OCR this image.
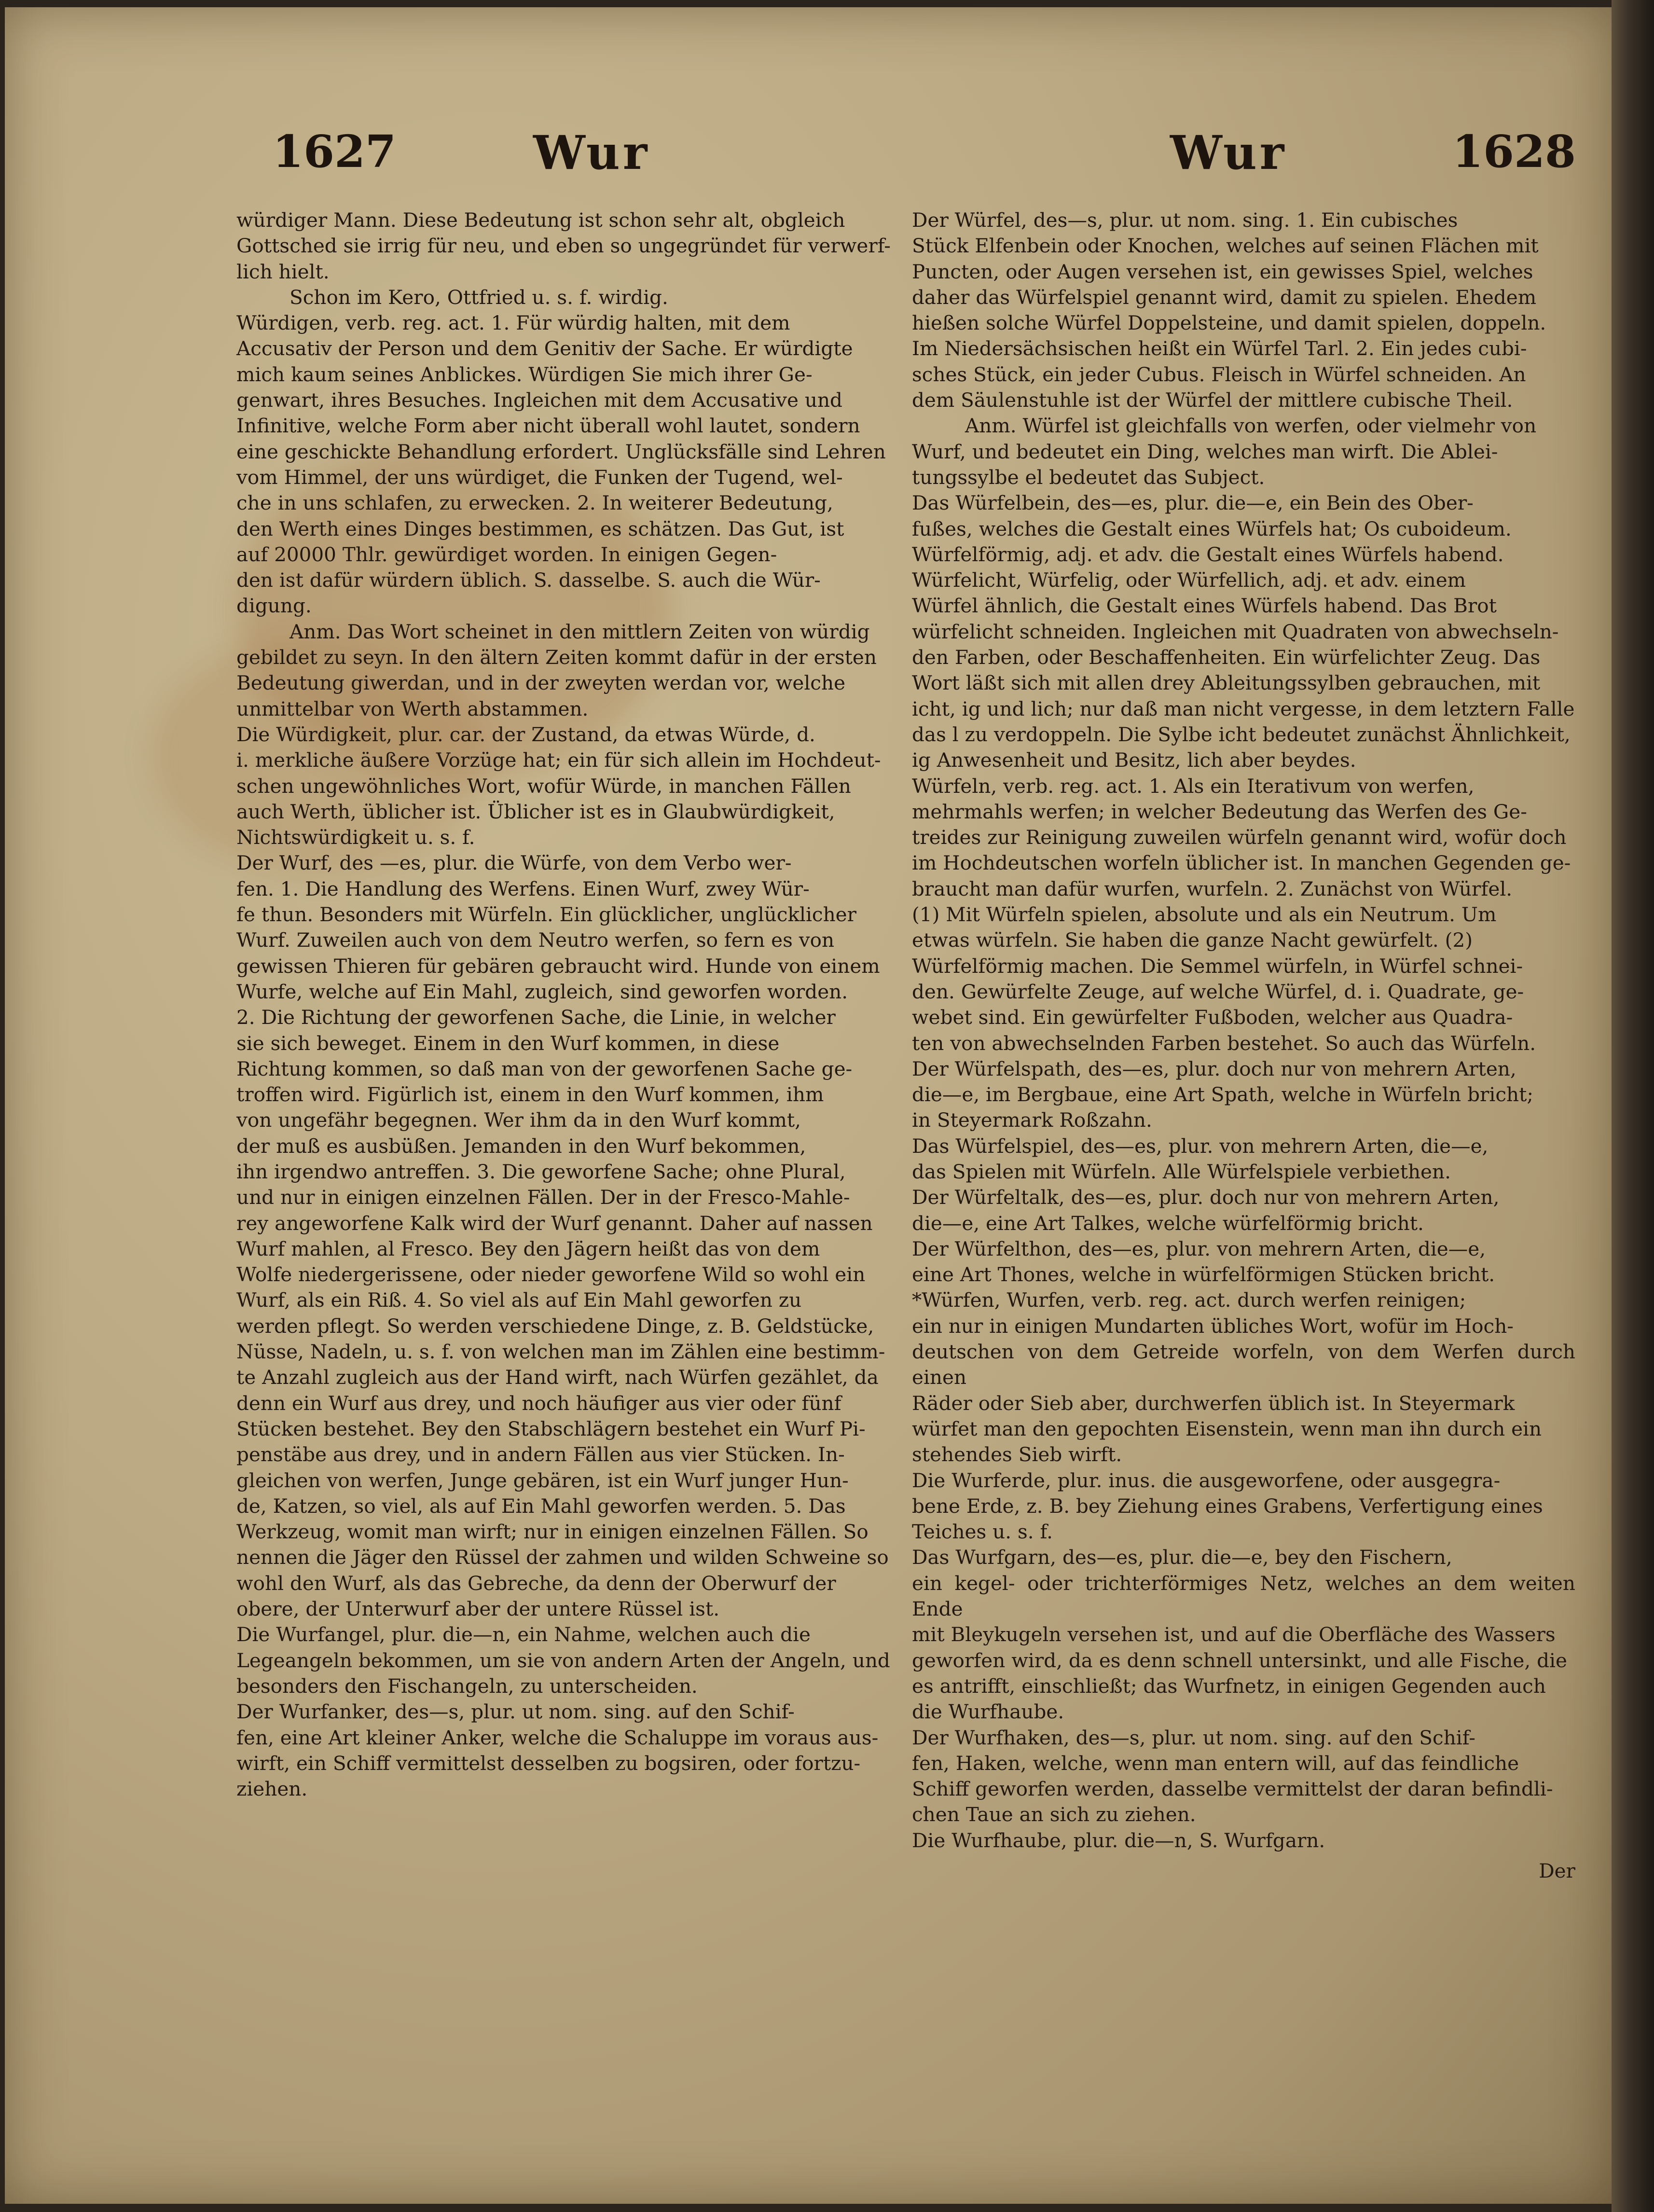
1627	Wur	Wur	1628

würdiger Mann. Diese Bedeutung ist schon sehr alt, obgleich
Gottsched sie irrig für neu, und eben so ungegründet für verwerf-
lich hielt.

Schon im Kero, Ottfried u. s. f. wirdig.

Würdigen, verb. reg. act. 1. Für würdig halten, mit dem
Accusativ der Person und dem Genitiv der Sache. Er würdigte
mich kaum seines Anblickes. Würdigen Sie mich ihrer Ge-
genwart, ihres Besuches. Ingleichen mit dem Accusative und
Infinitive, welche Form aber nicht überall wohl lautet, sondern
eine geschickte Behandlung erfordert. Unglücksfälle sind Lehren
vom Himmel, der uns würdiget, die Funken der Tugend, wel-
che in uns schlafen, zu erwecken. 2. In weiterer Bedeutung,
den Werth eines Dinges bestimmen, es schätzen. Das Gut, ist
auf 20000 Thlr. gewürdiget worden. In einigen Gegen-
den ist dafür würdern üblich. S. dasselbe. S. auch die Wür-
digung.

Anm. Das Wort scheinet in den mittlern Zeiten von würdig
gebildet zu seyn. In den ältern Zeiten kommt dafür in der ersten
Bedeutung giwerdan, und in der zweyten werdan vor, welche
unmittelbar von Werth abstammen.

Die Würdigkeit, plur. car. der Zustand, da etwas Würde, d.
i. merkliche äußere Vorzüge hat; ein für sich allein im Hochdeut-
schen ungewöhnliches Wort, wofür Würde, in manchen Fällen
auch Werth, üblicher ist. Üblicher ist es in Glaubwürdigkeit,
Nichtswürdigkeit u. s. f.

Der Wurf, des —es, plur. die Würfe, von dem Verbo wer-
fen. 1. Die Handlung des Werfens. Einen Wurf, zwey Wür-
fe thun. Besonders mit Würfeln. Ein glücklicher, unglücklicher
Wurf. Zuweilen auch von dem Neutro werfen, so fern es von
gewissen Thieren für gebären gebraucht wird. Hunde von einem
Wurfe, welche auf Ein Mahl, zugleich, sind geworfen worden.
2. Die Richtung der geworfenen Sache, die Linie, in welcher
sie sich beweget. Einem in den Wurf kommen, in diese
Richtung kommen, so daß man von der geworfenen Sache ge-
troffen wird. Figürlich ist, einem in den Wurf kommen, ihm
von ungefähr begegnen. Wer ihm da in den Wurf kommt,
der muß es ausbüßen. Jemanden in den Wurf bekommen,
ihn irgendwo antreffen. 3. Die geworfene Sache; ohne Plural,
und nur in einigen einzelnen Fällen. Der in der Fresco-Mahle-
rey angeworfene Kalk wird der Wurf genannt. Daher auf nassen
Wurf mahlen, al Fresco. Bey den Jägern heißt das von dem
Wolfe niedergerissene, oder nieder geworfene Wild so wohl ein
Wurf, als ein Riß. 4. So viel als auf Ein Mahl geworfen zu
werden pflegt. So werden verschiedene Dinge, z. B. Geldstücke,
Nüsse, Nadeln, u. s. f. von welchen man im Zählen eine bestimm-
te Anzahl zugleich aus der Hand wirft, nach Würfen gezählet, da
denn ein Wurf aus drey, und noch häufiger aus vier oder fünf
Stücken bestehet. Bey den Stabschlägern bestehet ein Wurf Pi-
penstäbe aus drey, und in andern Fällen aus vier Stücken. In-
gleichen von werfen, Junge gebären, ist ein Wurf junger Hun-
de, Katzen, so viel, als auf Ein Mahl geworfen werden. 5. Das
Werkzeug, womit man wirft; nur in einigen einzelnen Fällen. So
nennen die Jäger den Rüssel der zahmen und wilden Schweine so
wohl den Wurf, als das Gebreche, da denn der Oberwurf der
obere, der Unterwurf aber der untere Rüssel ist.

Die Wurfangel, plur. die—n, ein Nahme, welchen auch die
Legeangeln bekommen, um sie von andern Arten der Angeln, und
besonders den Fischangeln, zu unterscheiden.

Der Wurfanker, des—s, plur. ut nom. sing. auf den Schif-
fen, eine Art kleiner Anker, welche die Schaluppe im voraus aus-
wirft, ein Schiff vermittelst desselben zu bogsiren, oder fortzu-
ziehen.

Der Würfel, des—s, plur. ut nom. sing. 1. Ein cubisches
Stück Elfenbein oder Knochen, welches auf seinen Flächen mit
Puncten, oder Augen versehen ist, ein gewisses Spiel, welches
daher das Würfelspiel genannt wird, damit zu spielen. Ehedem
hießen solche Würfel Doppelsteine, und damit spielen, doppeln.
Im Niedersächsischen heißt ein Würfel Tarl. 2. Ein jedes cubi-
sches Stück, ein jeder Cubus. Fleisch in Würfel schneiden. An
dem Säulenstuhle ist der Würfel der mittlere cubische Theil.

Anm. Würfel ist gleichfalls von werfen, oder vielmehr von
Wurf, und bedeutet ein Ding, welches man wirft. Die Ablei-
tungssylbe el bedeutet das Subject.

Das Würfelbein, des—es, plur. die—e, ein Bein des Ober-
fußes, welches die Gestalt eines Würfels hat; Os cuboideum.

Würfelförmig, adj. et adv. die Gestalt eines Würfels habend.

Würfelicht, Würfelig, oder Würfellich, adj. et adv. einem
Würfel ähnlich, die Gestalt eines Würfels habend. Das Brot
würfelicht schneiden. Ingleichen mit Quadraten von abwechseln-
den Farben, oder Beschaffenheiten. Ein würfelichter Zeug. Das
Wort läßt sich mit allen drey Ableitungssylben gebrauchen, mit
icht, ig und lich; nur daß man nicht vergesse, in dem letztern Falle
das l zu verdoppeln. Die Sylbe icht bedeutet zunächst Ähnlichkeit,
ig Anwesenheit und Besitz, lich aber beydes.

Würfeln, verb. reg. act. 1. Als ein Iterativum von werfen,
mehrmahls werfen; in welcher Bedeutung das Werfen des Ge-
treides zur Reinigung zuweilen würfeln genannt wird, wofür doch
im Hochdeutschen worfeln üblicher ist. In manchen Gegenden ge-
braucht man dafür wurfen, wurfeln. 2. Zunächst von Würfel.
(1) Mit Würfeln spielen, absolute und als ein Neutrum. Um
etwas würfeln. Sie haben die ganze Nacht gewürfelt. (2)
Würfelförmig machen. Die Semmel würfeln, in Würfel schnei-
den. Gewürfelte Zeuge, auf welche Würfel, d. i. Quadrate, ge-
webet sind. Ein gewürfelter Fußboden, welcher aus Quadra-
ten von abwechselnden Farben bestehet. So auch das Würfeln.

Der Würfelspath, des—es, plur. doch nur von mehrern Arten,
die—e, im Bergbaue, eine Art Spath, welche in Würfeln bricht;
in Steyermark Roßzahn.

Das Würfelspiel, des—es, plur. von mehrern Arten, die—e,
das Spielen mit Würfeln. Alle Würfelspiele verbiethen.

Der Würfeltalk, des—es, plur. doch nur von mehrern Arten,
die—e, eine Art Talkes, welche würfelförmig bricht.

Der Würfelthon, des—es, plur. von mehrern Arten, die—e,
eine Art Thones, welche in würfelförmigen Stücken bricht.

*Würfen, Wurfen, verb. reg. act. durch werfen reinigen;
ein nur in einigen Mundarten übliches Wort, wofür im Hoch-
deutschen von dem Getreide worfeln, von dem Werfen durch einen
Räder oder Sieb aber, durchwerfen üblich ist. In Steyermark
würfet man den gepochten Eisenstein, wenn man ihn durch ein
stehendes Sieb wirft.

Die Wurferde, plur. inus. die ausgeworfene, oder ausgegra-
bene Erde, z. B. bey Ziehung eines Grabens, Verfertigung eines
Teiches u. s. f.

Das Wurfgarn, des—es, plur. die—e, bey den Fischern,
ein kegel- oder trichterförmiges Netz, welches an dem weiten Ende
mit Bleykugeln versehen ist, und auf die Oberfläche des Wassers
geworfen wird, da es denn schnell untersinkt, und alle Fische, die
es antrifft, einschließt; das Wurfnetz, in einigen Gegenden auch
die Wurfhaube.

Der Wurfhaken, des—s, plur. ut nom. sing. auf den Schif-
fen, Haken, welche, wenn man entern will, auf das feindliche
Schiff geworfen werden, dasselbe vermittelst der daran befindli-
chen Taue an sich zu ziehen.

Die Wurfhaube, plur. die—n, S. Wurfgarn.

Der
